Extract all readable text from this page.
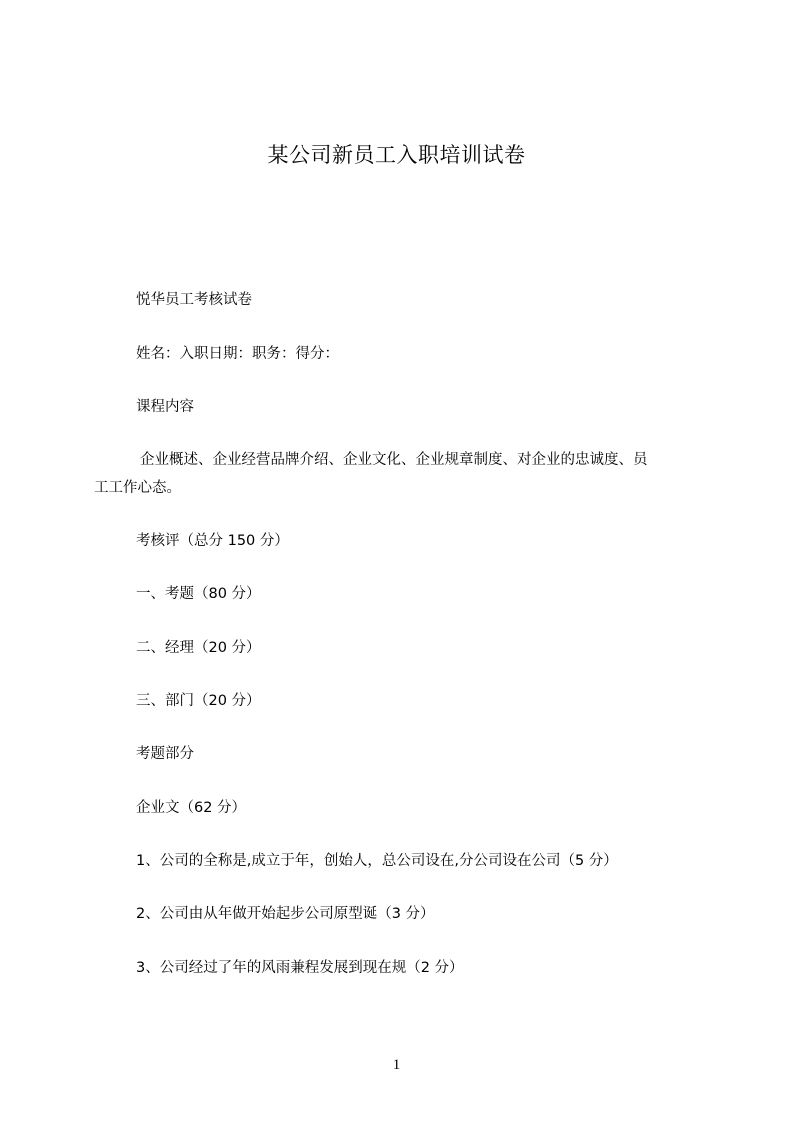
某公司新员工入职培训试卷
悦华员工考核试卷
姓名：入职日期：职务：得分：
课程内容
企业概述、企业经营品牌介绍、企业文化、企业规章制度、对企业的忠诚度、员
工工作心态。
考核评（总分 150 分）
一、考题（80 分）
二、经理（20 分）
三、部门（20 分）
考题部分
企业文（62 分）
1、公司的全称是,成立于年，创始人，总公司设在,分公司设在公司（5 分）
2、公司由从年做开始起步公司原型诞（3 分）
3、公司经过了年的风雨兼程发展到现在规（2 分）
1
